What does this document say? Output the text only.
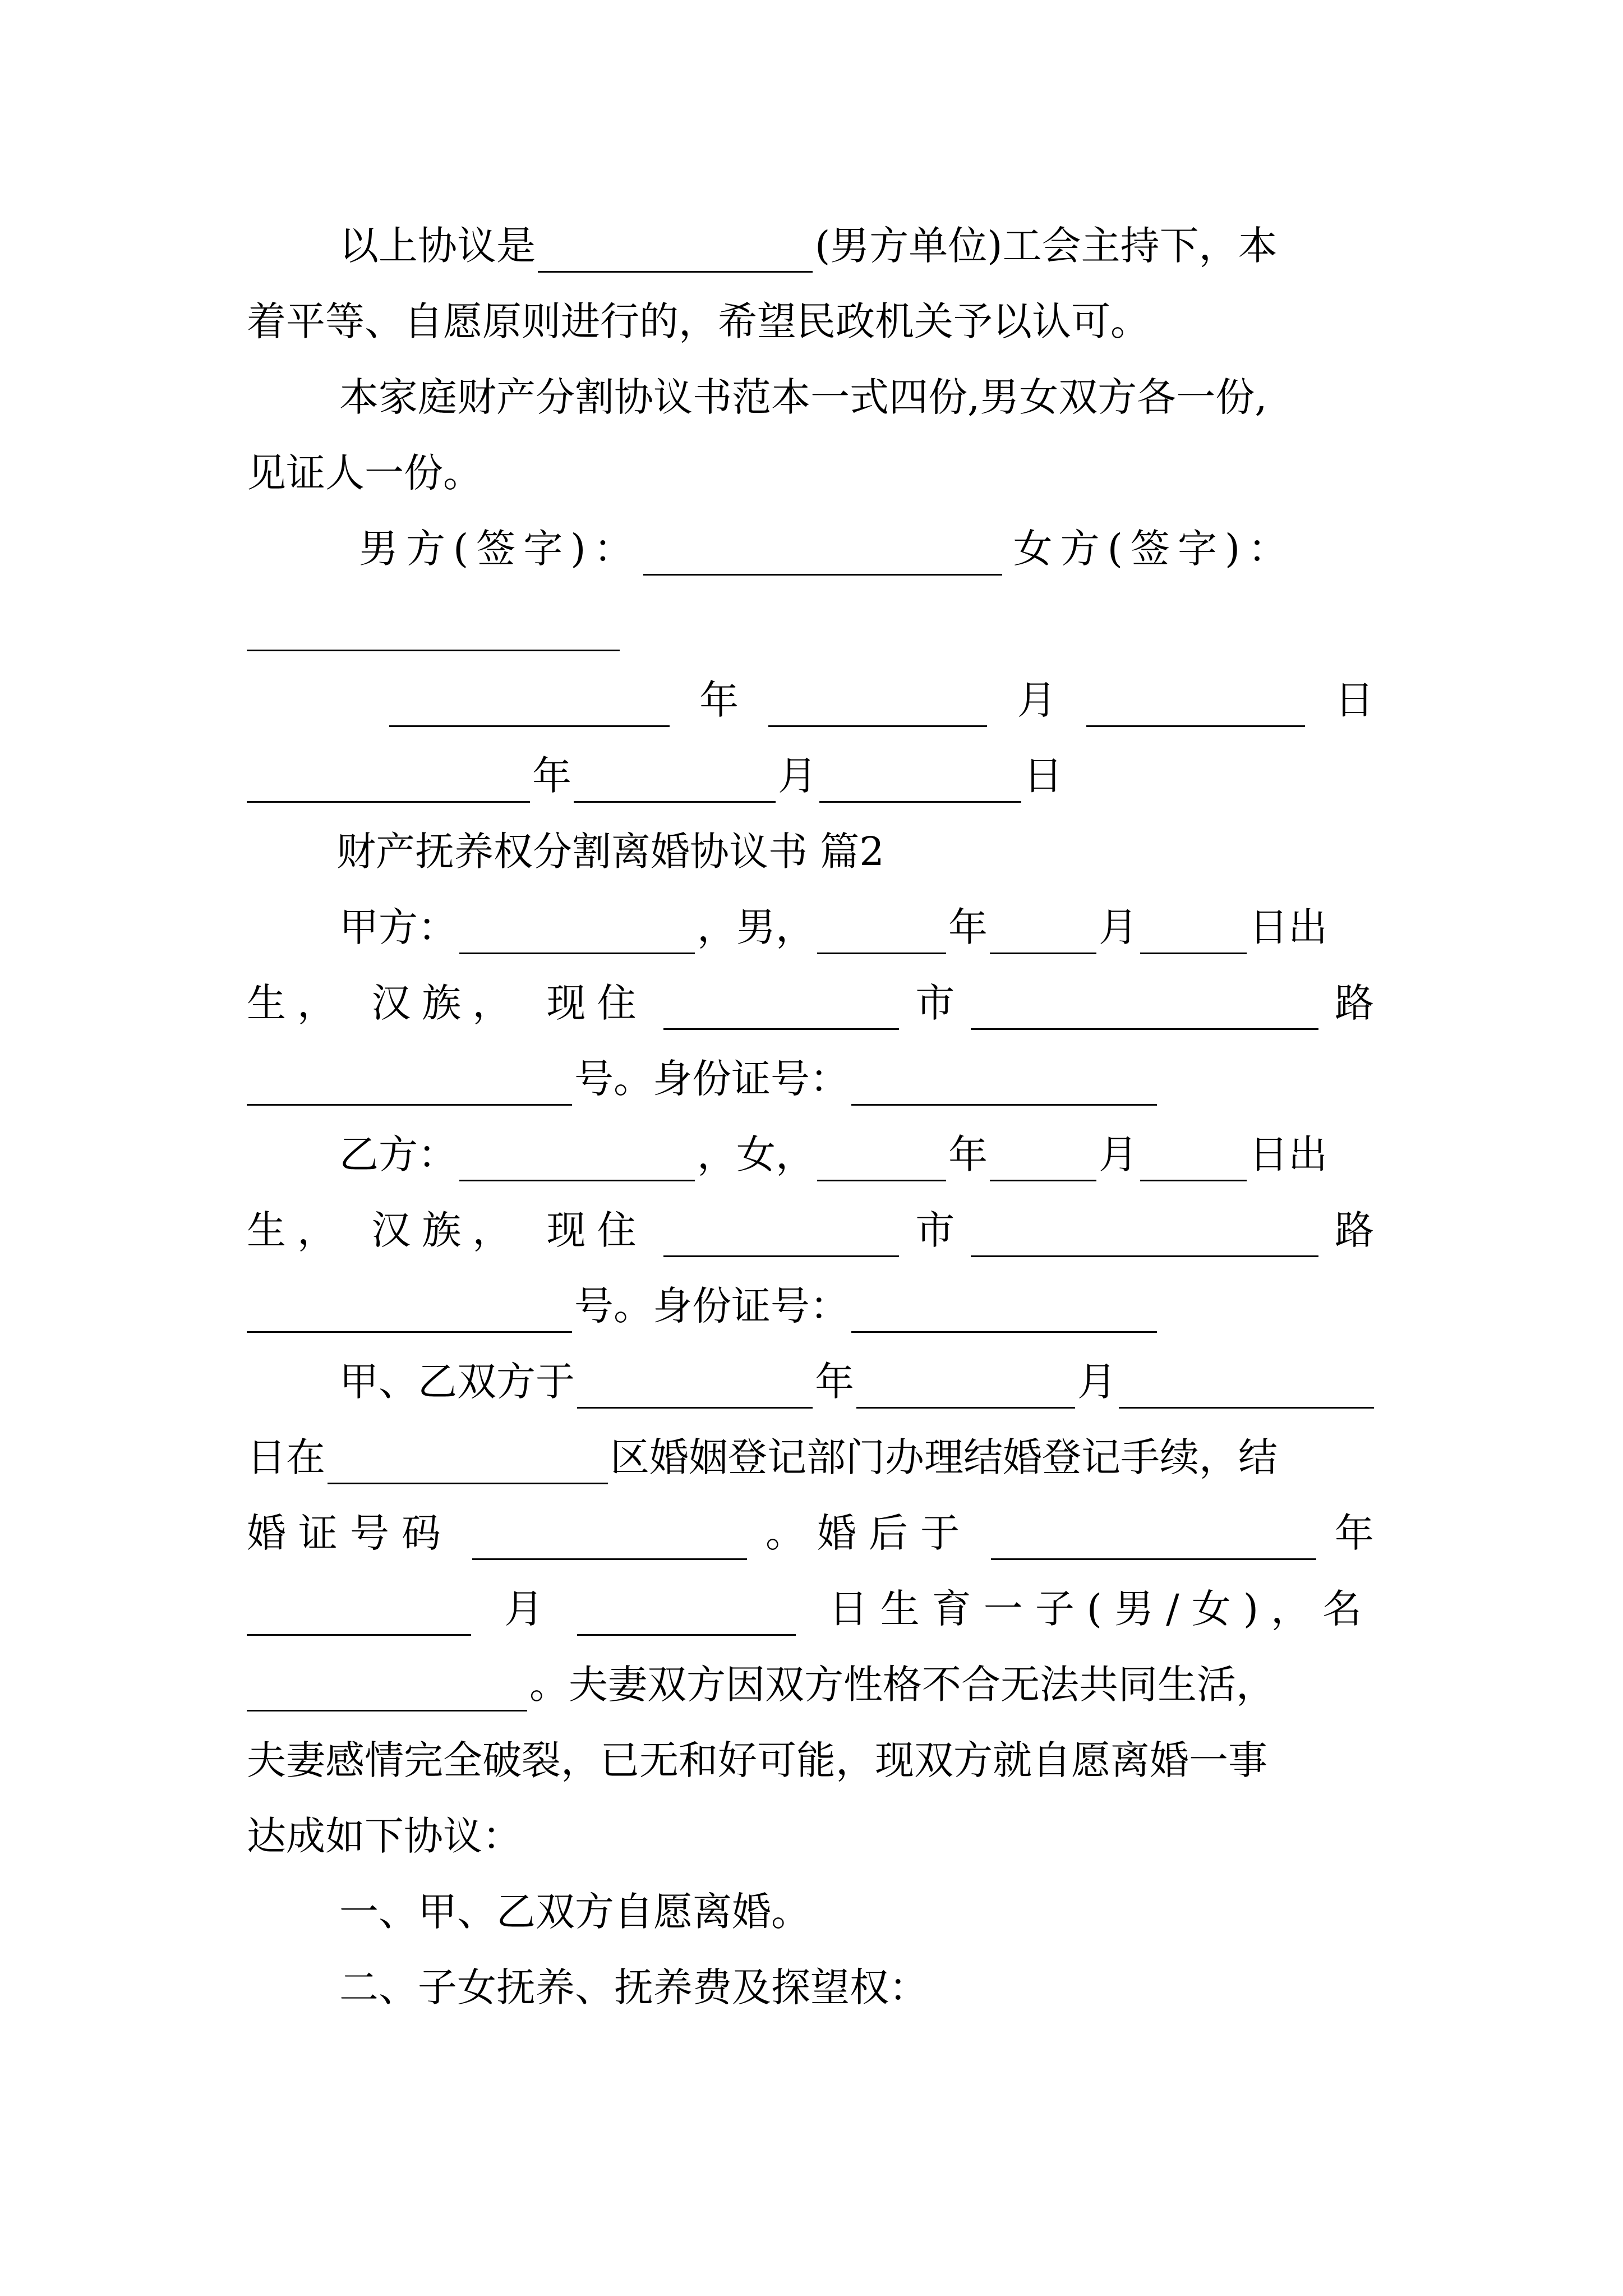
以上协议是	(男方单位)工会主持下，本
着平等、自愿原则进行的，希望民政机关予以认可。
本家庭财产分割协议书范本一式四份,男女双方各一份,
见证人一份。
男方(签字)：	女方(签字)：
年	月	日
年	月	日
财产抚养权分割离婚协议书 篇2
甲方：	，男，	年	月	日出
生， 汉族， 现住	市	路
号。身份证号：
乙方：	，女，	年	月	日出
生， 汉族， 现住	市	路
号。身份证号：
甲、乙双方于	年	月
日在	区婚姻登记部门办理结婚登记手续，结
婚证号码	。婚后于	年
月	日生育一子(男/女)，名
。夫妻双方因双方性格不合无法共同生活，
夫妻感情完全破裂，已无和好可能，现双方就自愿离婚一事
达成如下协议：
一、甲、乙双方自愿离婚。
二、子女抚养、抚养费及探望权：
